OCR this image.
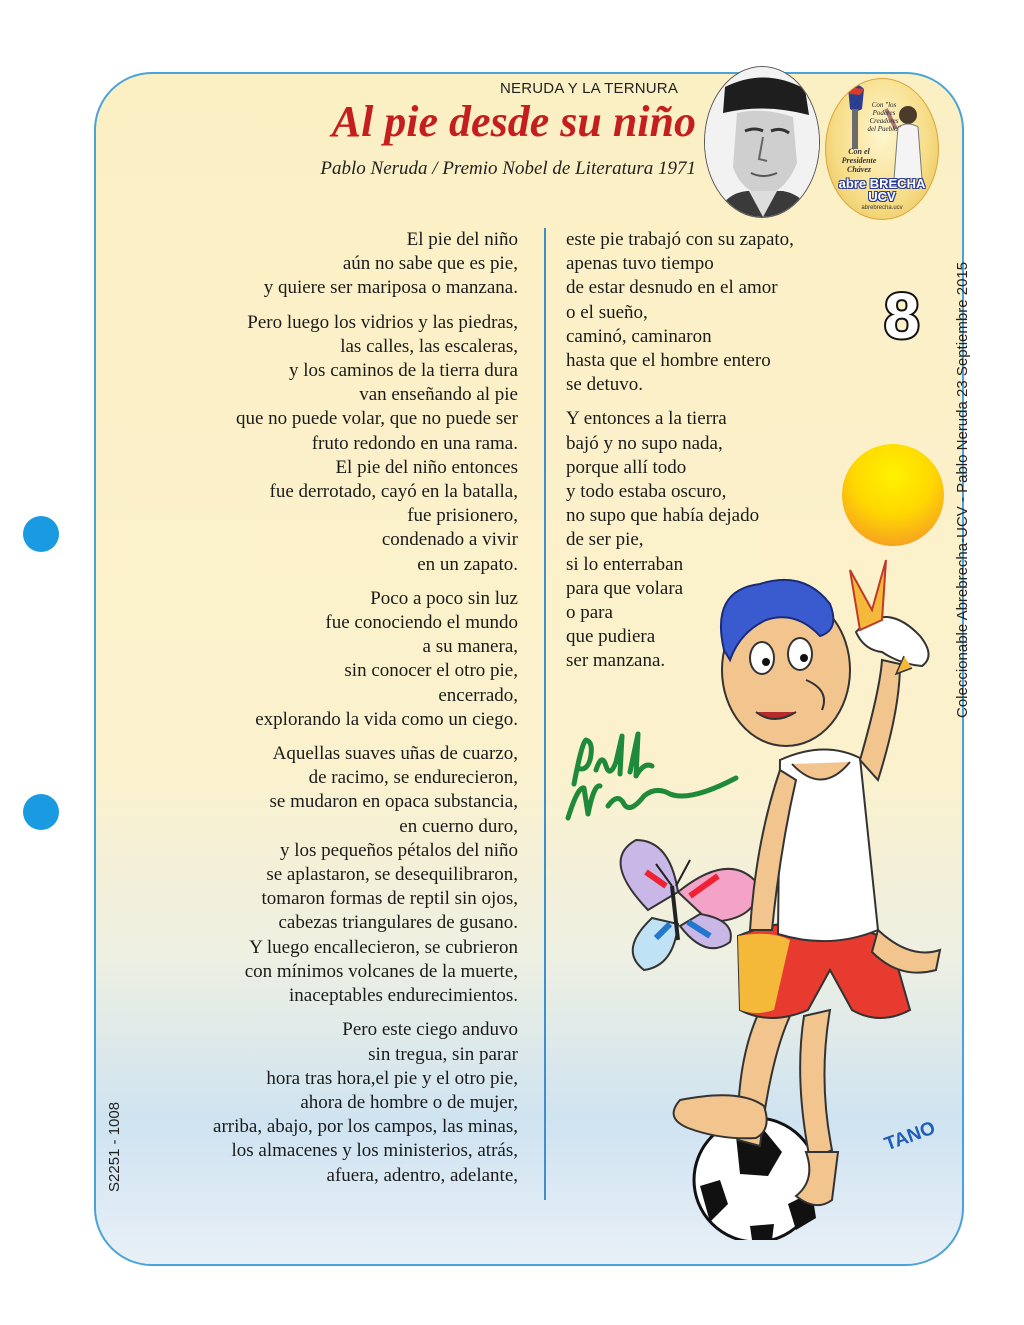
NERUDA Y LA TERNURA
Al pie desde su niño
Pablo Neruda / Premio Nobel de Literatura 1971
Con "los Poderes Creadores del Pueblo"
Con el Presidente Chávez
abre BRECHA UCV
abrebrecha.ucv
8 Coleccionable Abrebrecha-UCV - Pablo Neruda 23 Septiembre 2015
S2251 - 1008
El pie del niño
aún no sabe que es pie,
y quiere ser mariposa o manzana.
Pero luego los vidrios y las piedras,
las calles, las escaleras,
y los caminos de la tierra dura
van enseñando al pie
que no puede volar, que no puede ser
fruto redondo en una rama.
El pie del niño entonces
fue derrotado, cayó en la batalla,
fue prisionero,
condenado a vivir
en un zapato.
Poco a poco sin luz
fue conociendo el mundo
a su manera,
sin conocer el otro pie,
encerrado,
explorando la vida como un ciego.
Aquellas suaves uñas de cuarzo,
de racimo, se endurecieron,
se mudaron en opaca substancia,
en cuerno duro,
y los pequeños pétalos del niño
se aplastaron, se desequilibraron,
tomaron formas de reptil sin ojos,
cabezas triangulares de gusano.
Y luego encallecieron, se cubrieron
con mínimos volcanes de la muerte,
inaceptables endurecimientos.
Pero este ciego anduvo
sin tregua, sin parar
hora tras hora,el pie y el otro pie,
ahora de hombre o de mujer,
arriba, abajo, por los campos, las minas,
los almacenes y los ministerios, atrás,
afuera, adentro, adelante,
este pie trabajó con su zapato,
apenas tuvo tiempo
de estar desnudo en el amor
o el sueño,
caminó, caminaron
hasta que el hombre entero
se detuvo.
Y entonces a la tierra
bajó y no supo nada,
porque allí todo
y todo estaba oscuro,
no supo que había dejado
de ser pie,
si lo enterraban
para que volara
o para
que pudiera
ser manzana.
TANO
